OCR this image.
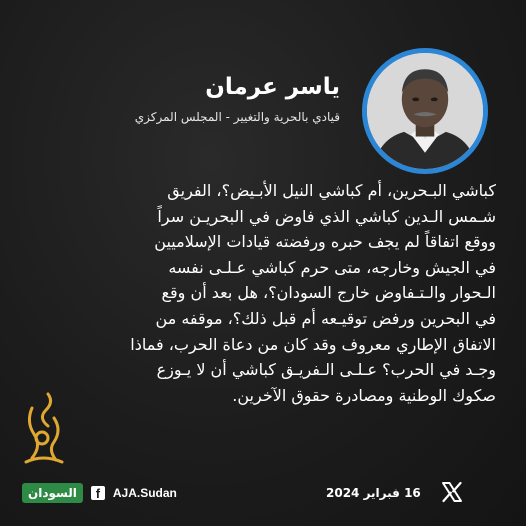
ياسر عرمان
قيادي بالحرية والتغيير - المجلس المركزي
كباشي البـحرين، أم كباشي النيل الأبـيض؟، الفريق
شـمس الـدين كباشي الذي فاوض في البحريـن سراً
ووقع اتفاقاً لم يجف حبره ورفضته قيادات الإسلاميين
في الجيش وخارجه، متى حرم كباشي عـلـى نفسه
الـحوار والـتـفاوض خارج السودان؟، هل بعد أن وقع
في البحرين ورفض توقيـعه أم قبل ذلك؟، موقفه من
الاتفاق الإطاري معروف وقد كان من دعاة الحرب، فماذا
وجـد في الحرب؟ عـلـى الـفريـق كباشي أن لا يـوزع
صكوك الوطنية ومصادرة حقوق الآخرين.
السودان	f AJA.Sudan	16 فبراير 2024
